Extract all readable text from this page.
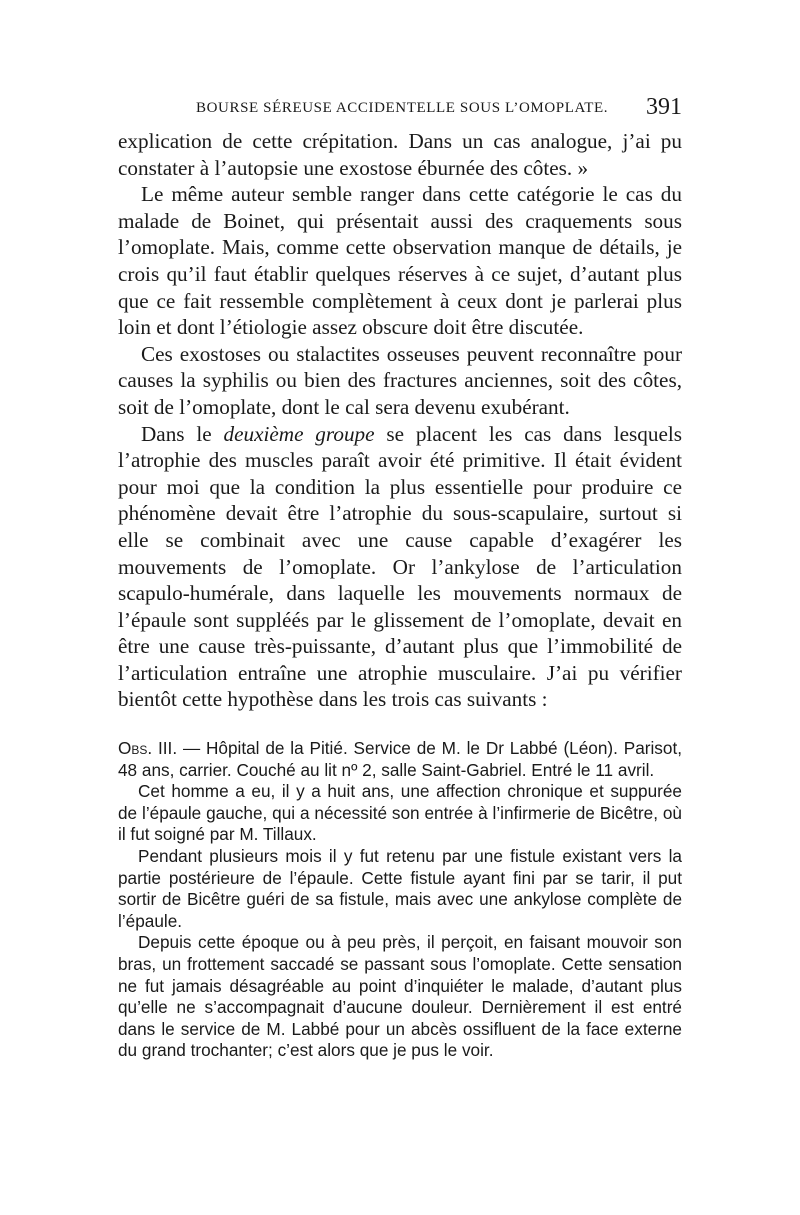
BOURSE SÉREUSE ACCIDENTELLE SOUS L’OMOPLATE. 391

explication de cette crépitation. Dans un cas analogue, j’ai pu constater à l’autopsie une exostose éburnée des côtes. »

Le même auteur semble ranger dans cette catégorie le cas du malade de Boinet, qui présentait aussi des craquements sous l’omoplate. Mais, comme cette observation manque de détails, je crois qu’il faut établir quelques réserves à ce sujet, d’autant plus que ce fait ressemble complètement à ceux dont je parlerai plus loin et dont l’étiologie assez obscure doit être discutée.

Ces exostoses ou stalactites osseuses peuvent reconnaître pour causes la syphilis ou bien des fractures anciennes, soit des côtes, soit de l’omoplate, dont le cal sera devenu exubérant.

Dans le deuxième groupe se placent les cas dans lesquels l’atrophie des muscles paraît avoir été primitive. Il était évident pour moi que la condition la plus essentielle pour produire ce phénomène devait être l’atrophie du sous-scapulaire, surtout si elle se combinait avec une cause capable d’exagérer les mouvements de l’omoplate. Or l’ankylose de l’articulation scapulo-humérale, dans laquelle les mouvements normaux de l’épaule sont suppléés par le glissement de l’omoplate, devait en être une cause très-puissante, d’autant plus que l’immobilité de l’articulation entraîne une atrophie musculaire. J’ai pu vérifier bientôt cette hypothèse dans les trois cas suivants :

Obs. III. — Hôpital de la Pitié. Service de M. le Dr Labbé (Léon). Parisot, 48 ans, carrier. Couché au lit nº 2, salle Saint-Gabriel. Entré le 11 avril.

Cet homme a eu, il y a huit ans, une affection chronique et suppurée de l’épaule gauche, qui a nécessité son entrée à l’infirmerie de Bicêtre, où il fut soigné par M. Tillaux.

Pendant plusieurs mois il y fut retenu par une fistule existant vers la partie postérieure de l’épaule. Cette fistule ayant fini par se tarir, il put sortir de Bicêtre guéri de sa fistule, mais avec une ankylose complète de l’épaule.

Depuis cette époque ou à peu près, il perçoit, en faisant mouvoir son bras, un frottement saccadé se passant sous l’omoplate. Cette sensation ne fut jamais désagréable au point d’inquiéter le malade, d’autant plus qu’elle ne s’accompagnait d’aucune douleur. Dernièrement il est entré dans le service de M. Labbé pour un abcès ossifluent de la face externe du grand trochanter; c’est alors que je pus le voir.
